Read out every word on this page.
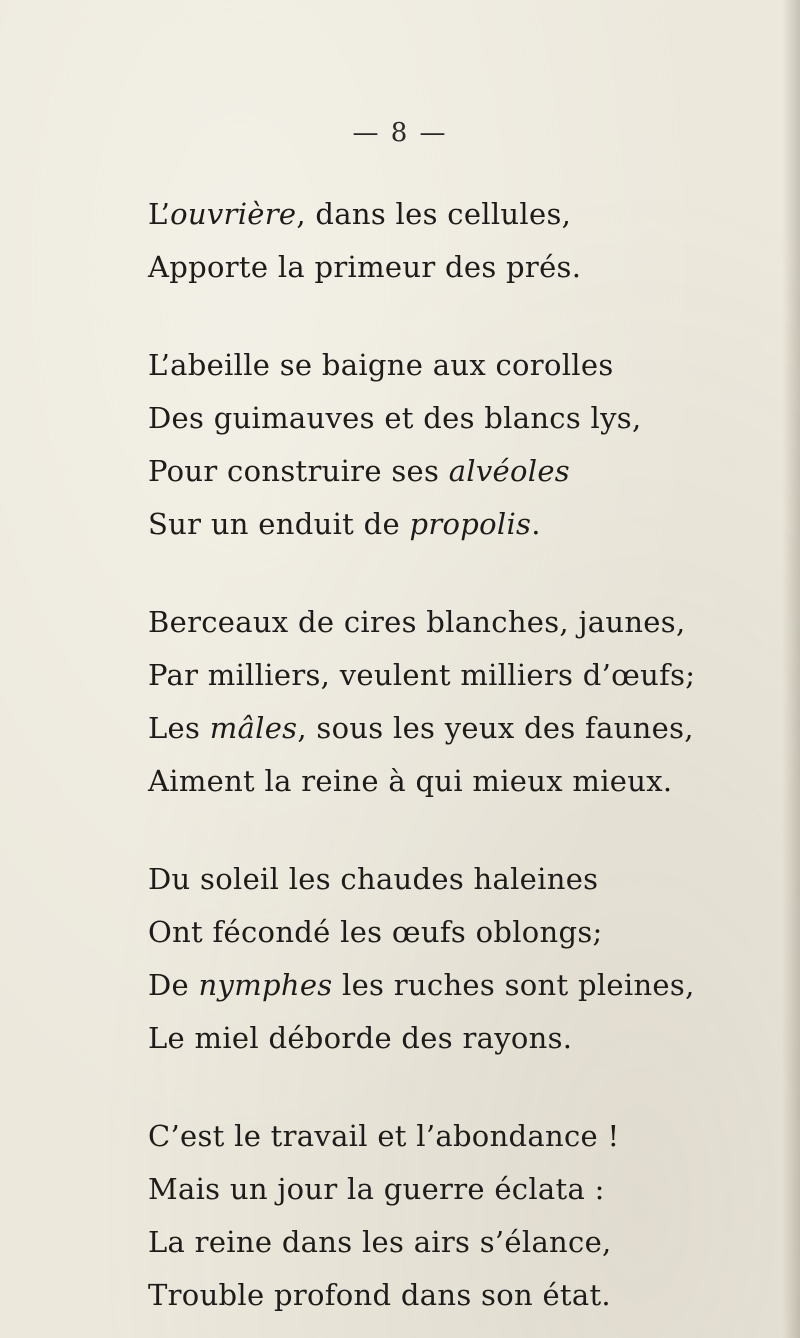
— 8 —
L’ouvrière, dans les cellules,
Apporte la primeur des prés.
L’abeille se baigne aux corolles
Des guimauves et des blancs lys,
Pour construire ses alvéoles
Sur un enduit de propolis.
Berceaux de cires blanches, jaunes,
Par milliers, veulent milliers d’œufs;
Les mâles, sous les yeux des faunes,
Aiment la reine à qui mieux mieux.
Du soleil les chaudes haleines
Ont fécondé les œufs oblongs;
De nymphes les ruches sont pleines,
Le miel déborde des rayons.
C’est le travail et l’abondance !
Mais un jour la guerre éclata :
La reine dans les airs s’élance,
Trouble profond dans son état.
